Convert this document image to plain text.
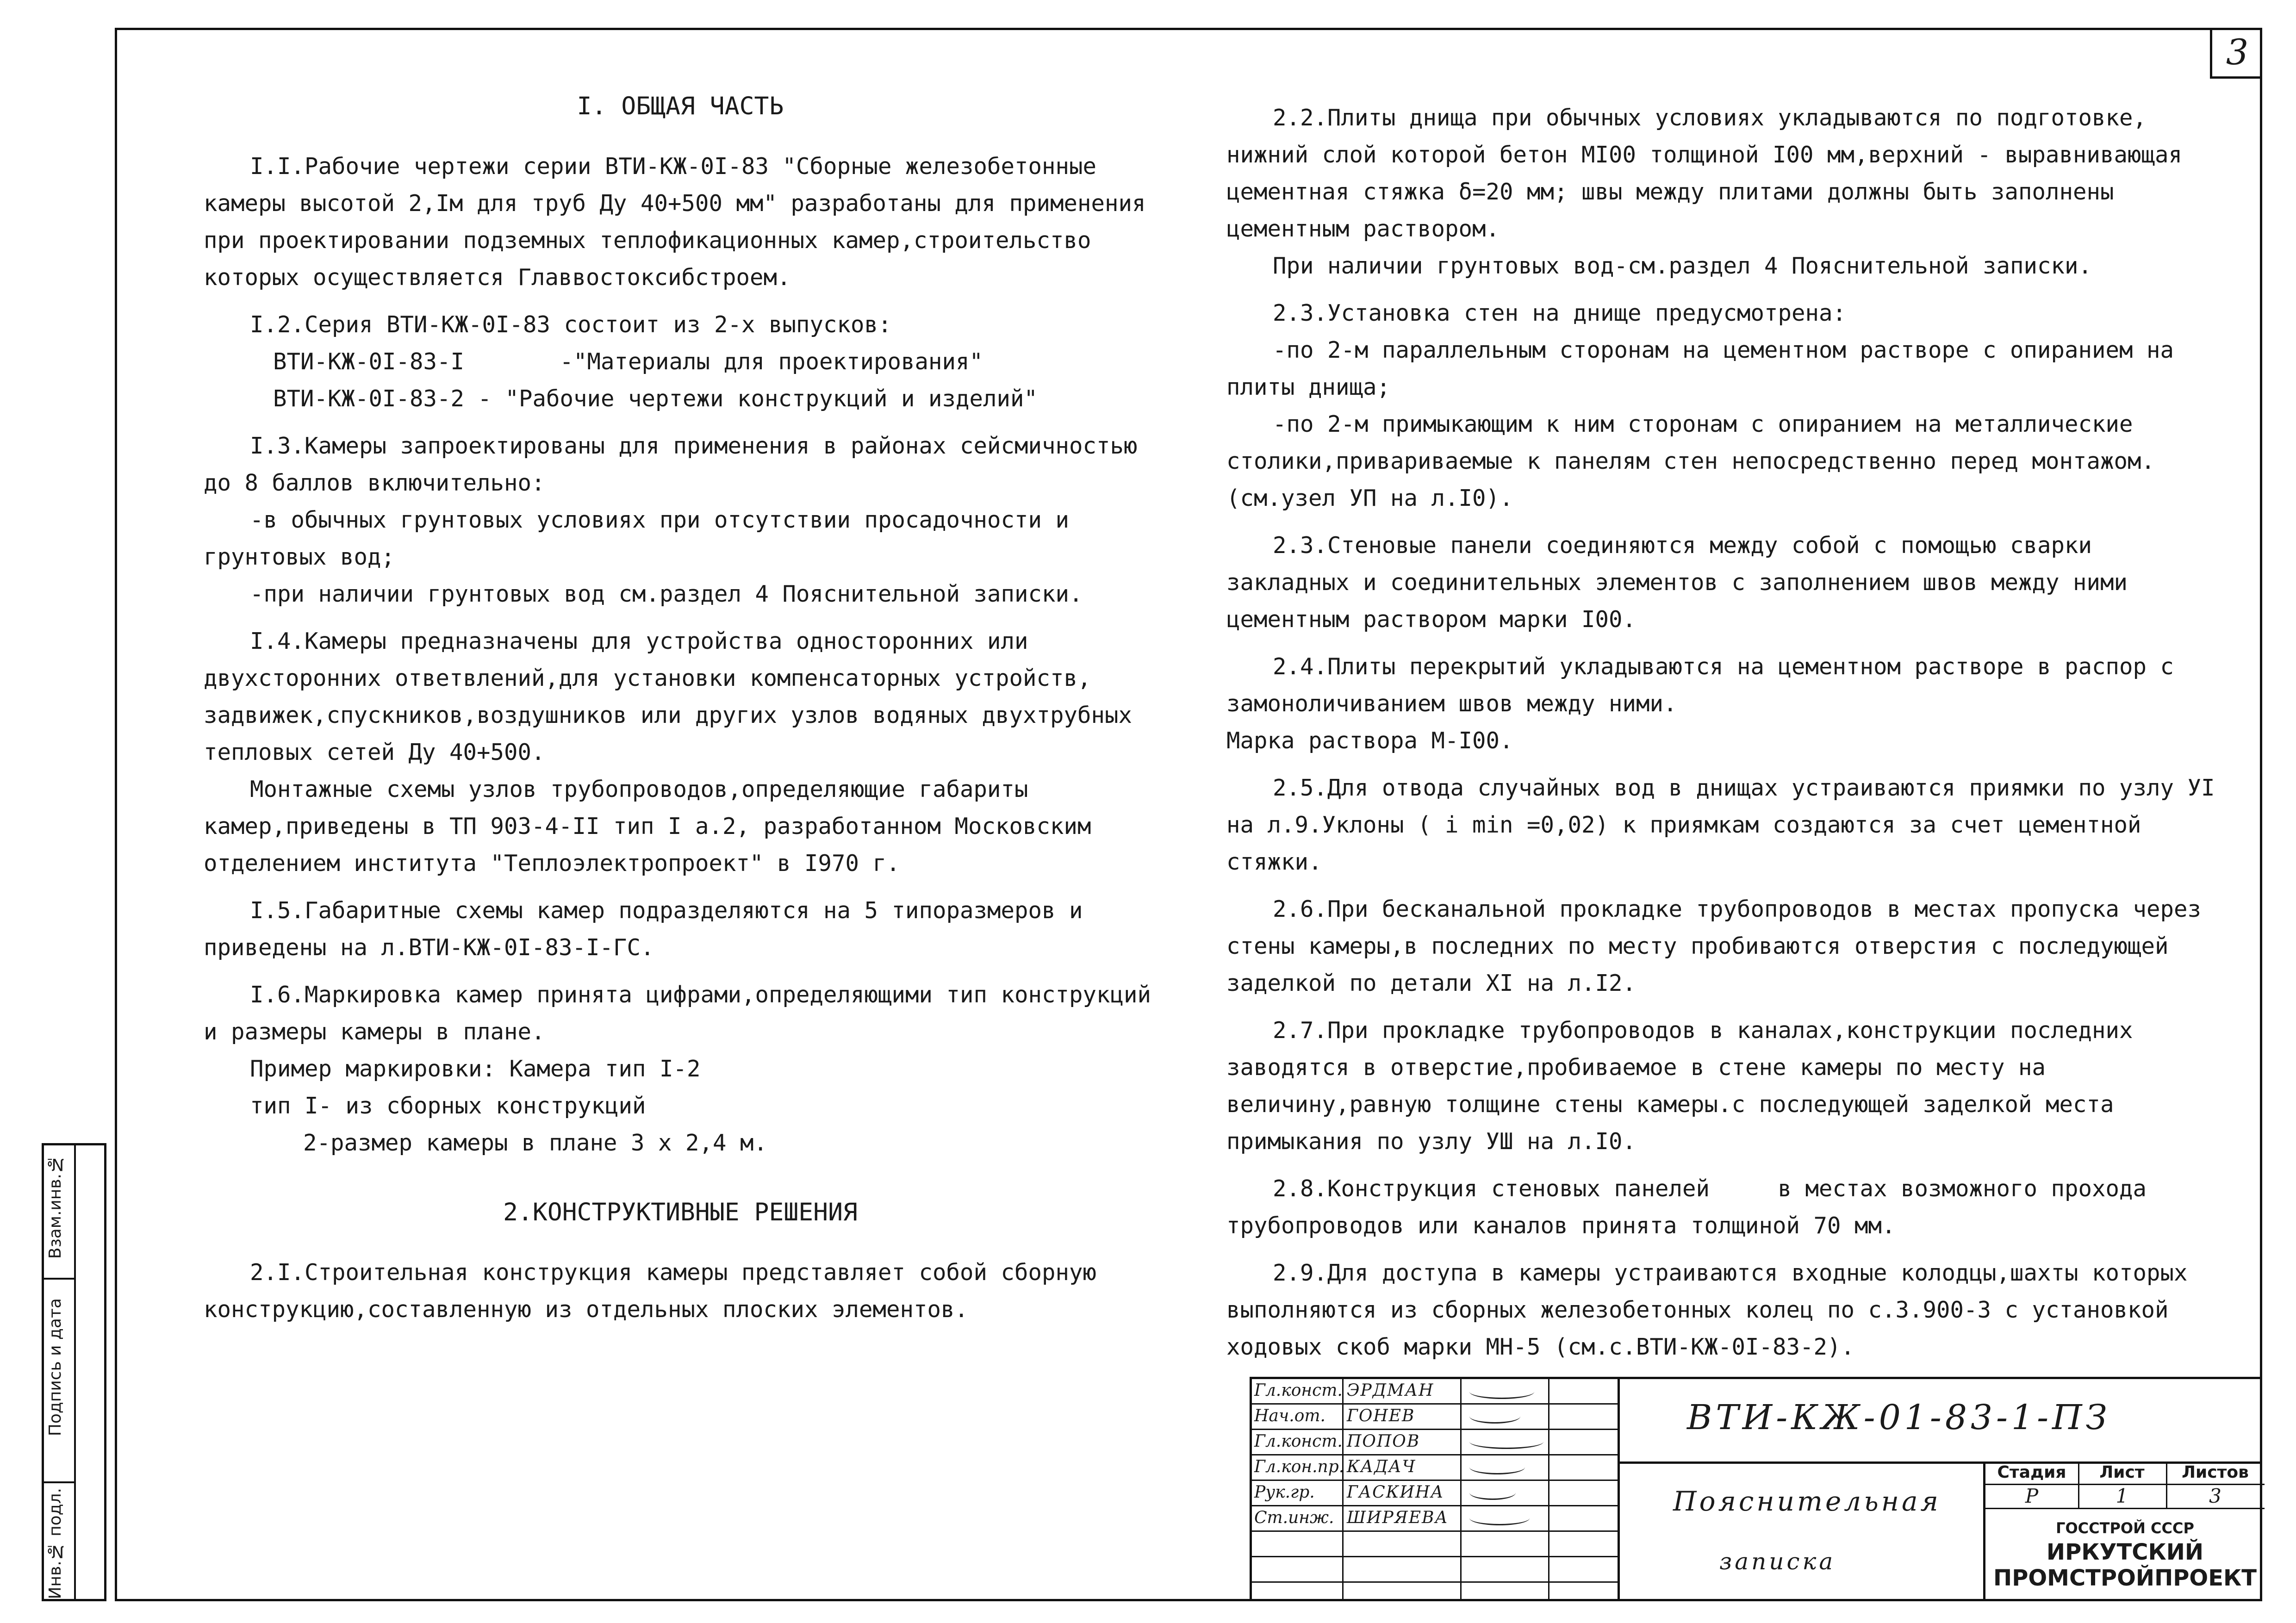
3

I. ОБЩАЯ ЧАСТЬ

I.I.Рабочие чертежи серии ВТИ-КЖ-0I-83 "Сборные железобетонные камеры высотой 2,Iм для труб Ду 40+500 мм" разработаны для применения при проектировании подземных теплофикационных камер,строительство которых осуществляется Главвостоксибстроем.

I.2.Серия ВТИ-КЖ-0I-83 состоит из 2-х выпусков:

ВТИ-КЖ-0I-83-I       -"Материалы для проектирования"

ВТИ-КЖ-0I-83-2 - "Рабочие чертежи конструкций и изделий"

I.3.Камеры запроектированы для применения в районах сейсмичностью до 8 баллов включительно:

-в обычных грунтовых условиях при отсутствии просадочности и грунтовых вод;

-при наличии грунтовых вод см.раздел 4 Пояснительной записки.

I.4.Камеры предназначены для устройства односторонних или двухсторонних ответвлений,для установки компенсаторных устройств, задвижек,спускников,воздушников или других узлов водяных двухтрубных тепловых сетей Ду 40+500.

Монтажные схемы узлов трубопроводов,определяющие габариты камер,приведены в ТП 903-4-II тип I а.2, разработанном Московским отделением института "Теплоэлектропроект" в I970 г.

I.5.Габаритные схемы камер подразделяются на 5 типоразмеров и приведены на л.ВТИ-КЖ-0I-83-I-ГС.

I.6.Маркировка камер принята цифрами,определяющими тип конструкций и размеры камеры в плане.

Пример маркировки: Камера тип I-2

тип I- из сборных конструкций

2-размер камеры в плане 3 х 2,4 м.

2.КОНСТРУКТИВНЫЕ РЕШЕНИЯ

2.I.Строительная конструкция камеры представляет собой сборную конструкцию,составленную из отдельных плоских элементов.

2.2.Плиты днища при обычных условиях укладываются по подготовке, нижний слой которой бетон MI00 толщиной I00 мм,верхний - выравнивающая цементная стяжка δ=20 мм; швы между плитами должны быть заполнены цементным раствором.

При наличии грунтовых вод-см.раздел 4 Пояснительной записки.

2.3.Установка стен на днище предусмотрена:

-по 2-м параллельным сторонам на цементном растворе с опиранием на плиты днища;

-по 2-м примыкающим к ним сторонам с опиранием на металлические столики,привариваемые к панелям стен непосредственно перед монтажом. (см.узел УП на л.I0).

2.3.Стеновые панели соединяются между собой с помощью сварки закладных и соединительных элементов с заполнением швов между ними цементным раствором марки I00.

2.4.Плиты перекрытий укладываются на цементном растворе в распор с замоноличиванием швов между ними.

Марка раствора М-I00.

2.5.Для отвода случайных вод в днищах устраиваются приямки по узлу УI на л.9.Уклоны ( i min =0,02) к приямкам создаются за счет цементной стяжки.

2.6.При бесканальной прокладке трубопроводов в местах пропуска через стены камеры,в последних по месту пробиваются отверстия с последующей заделкой по детали XI на л.I2.

2.7.При прокладке трубопроводов в каналах,конструкции последних заводятся в отверстие,пробиваемое в стене камеры по месту на величину,равную толщине стены камеры.с последующей заделкой места примыкания по узлу УШ на л.I0.

2.8.Конструкция стеновых панелей     в местах возможного прохода трубопроводов или каналов принята толщиной 70 мм.

2.9.Для доступа в камеры устраиваются входные колодцы,шахты которых выполняются из сборных железобетонных колец по с.3.900-3 с установкой ходовых скоб марки МН-5 (см.с.ВТИ-КЖ-0I-83-2).

Взам.инв.№
Подпись и дата
Инв.№ подл.
Гл.конст. ЭРДМАН
Нач.от.	ГОНЕВ
Гл.конст. ПОПОВ
Гл.кон.пр. КАДАЧ
Рук.гр.	ГАСКИНА
Ст.инж. ШИРЯЕВА
ВТИ-КЖ-01-83-1-ПЗ
Пояснительная
записка
Стадия	Лист	Листов
Р	1	3
ГОССТРОЙ СССР
ИРКУТСКИЙ
ПРОМСТРОЙПРОЕКТ
